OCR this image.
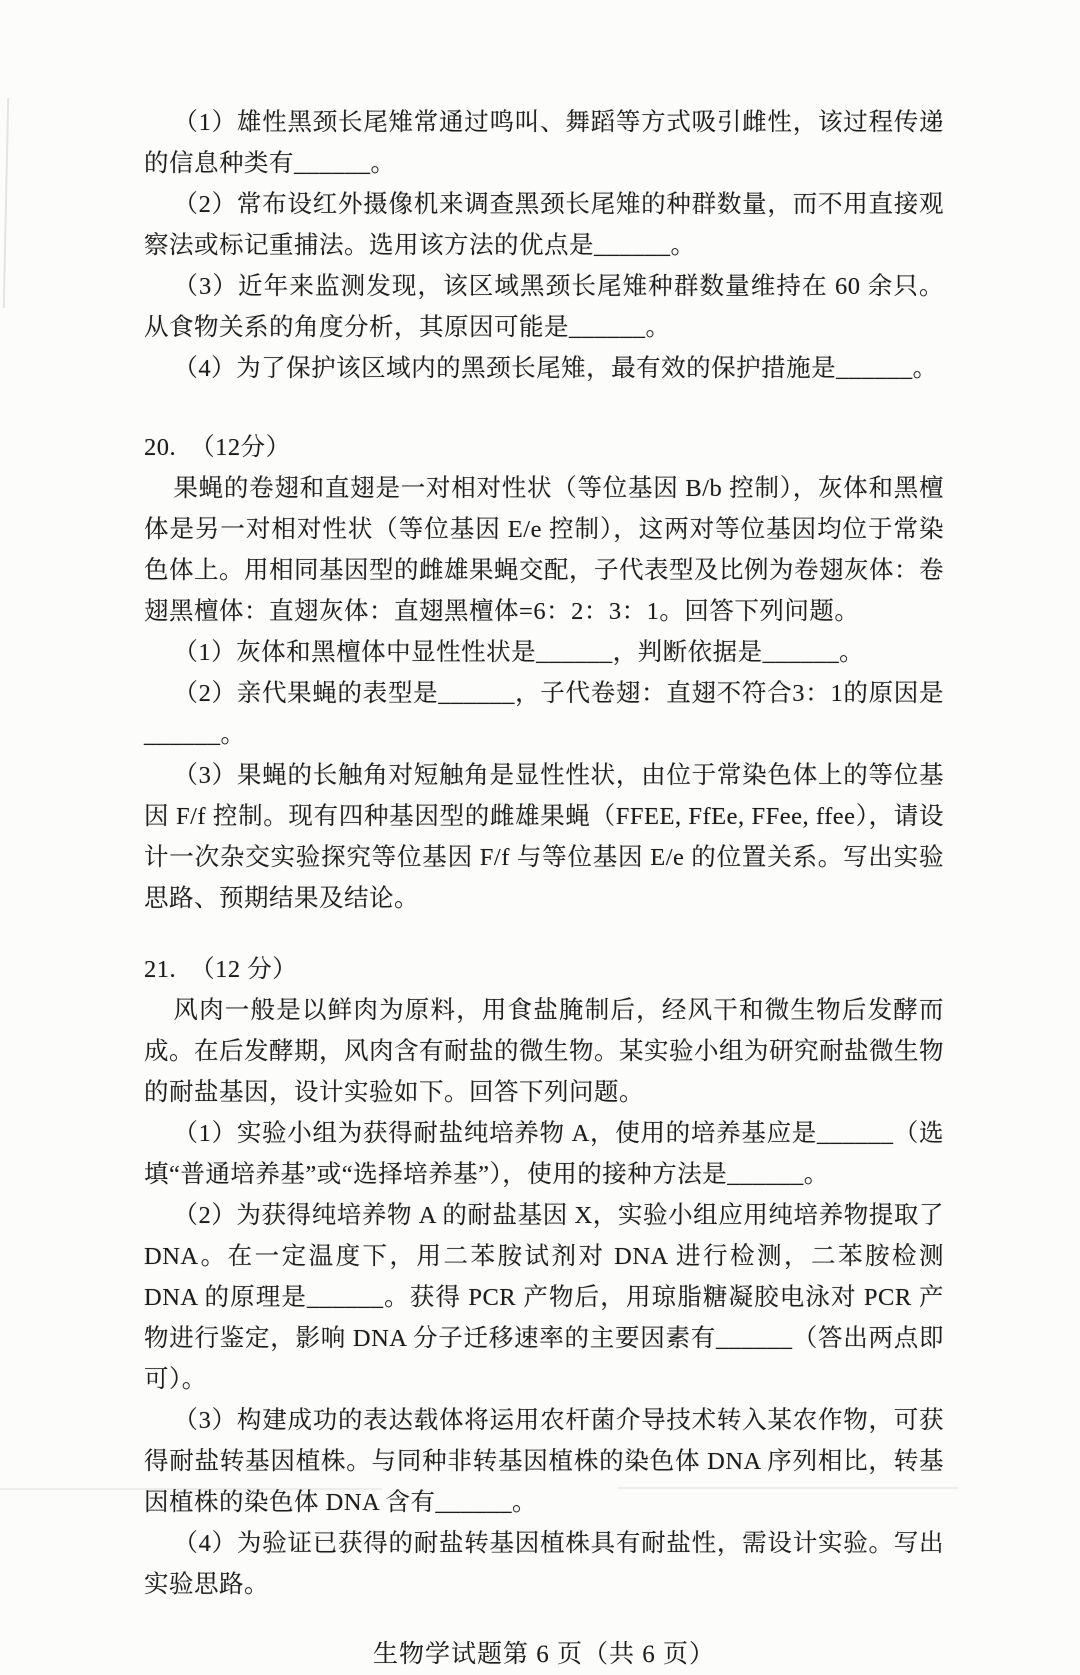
（1）雄性黑颈长尾雉常通过鸣叫、舞蹈等方式吸引雌性，该过程传递的信息种类有______。

（2）常布设红外摄像机来调查黑颈长尾雉的种群数量，而不用直接观察法或标记重捕法。选用该方法的优点是______。

（3）近年来监测发现，该区域黑颈长尾雉种群数量维持在 60 余只。从食物关系的角度分析，其原因可能是______。

（4）为了保护该区域内的黑颈长尾雉，最有效的保护措施是______。

20. （12分）

果蝇的卷翅和直翅是一对相对性状（等位基因 B/b 控制），灰体和黑檀体是另一对相对性状（等位基因 E/e 控制），这两对等位基因均位于常染色体上。用相同基因型的雌雄果蝇交配，子代表型及比例为卷翅灰体：卷翅黑檀体：直翅灰体：直翅黑檀体=6：2：3：1。回答下列问题。

（1）灰体和黑檀体中显性性状是______，判断依据是______。

（2）亲代果蝇的表型是______，子代卷翅：直翅不符合3：1的原因是______。

（3）果蝇的长触角对短触角是显性性状，由位于常染色体上的等位基因 F/f 控制。现有四种基因型的雌雄果蝇（FFEE, FfEe, FFee, ffee），请设计一次杂交实验探究等位基因 F/f 与等位基因 E/e 的位置关系。写出实验思路、预期结果及结论。

21. （12 分）

风肉一般是以鲜肉为原料，用食盐腌制后，经风干和微生物后发酵而成。在后发酵期，风肉含有耐盐的微生物。某实验小组为研究耐盐微生物的耐盐基因，设计实验如下。回答下列问题。

（1）实验小组为获得耐盐纯培养物 A，使用的培养基应是______（选填“普通培养基”或“选择培养基”），使用的接种方法是______。

（2）为获得纯培养物 A 的耐盐基因 X，实验小组应用纯培养物提取了 DNA。在一定温度下，用二苯胺试剂对 DNA 进行检测，二苯胺检测 DNA 的原理是______。获得 PCR 产物后，用琼脂糖凝胶电泳对 PCR 产物进行鉴定，影响 DNA 分子迁移速率的主要因素有______（答出两点即可）。

（3）构建成功的表达载体将运用农杆菌介导技术转入某农作物，可获得耐盐转基因植株。与同种非转基因植株的染色体 DNA 序列相比，转基因植株的染色体 DNA 含有______。

（4）为验证已获得的耐盐转基因植株具有耐盐性，需设计实验。写出实验思路。

生物学试题第 6 页（共 6 页）
